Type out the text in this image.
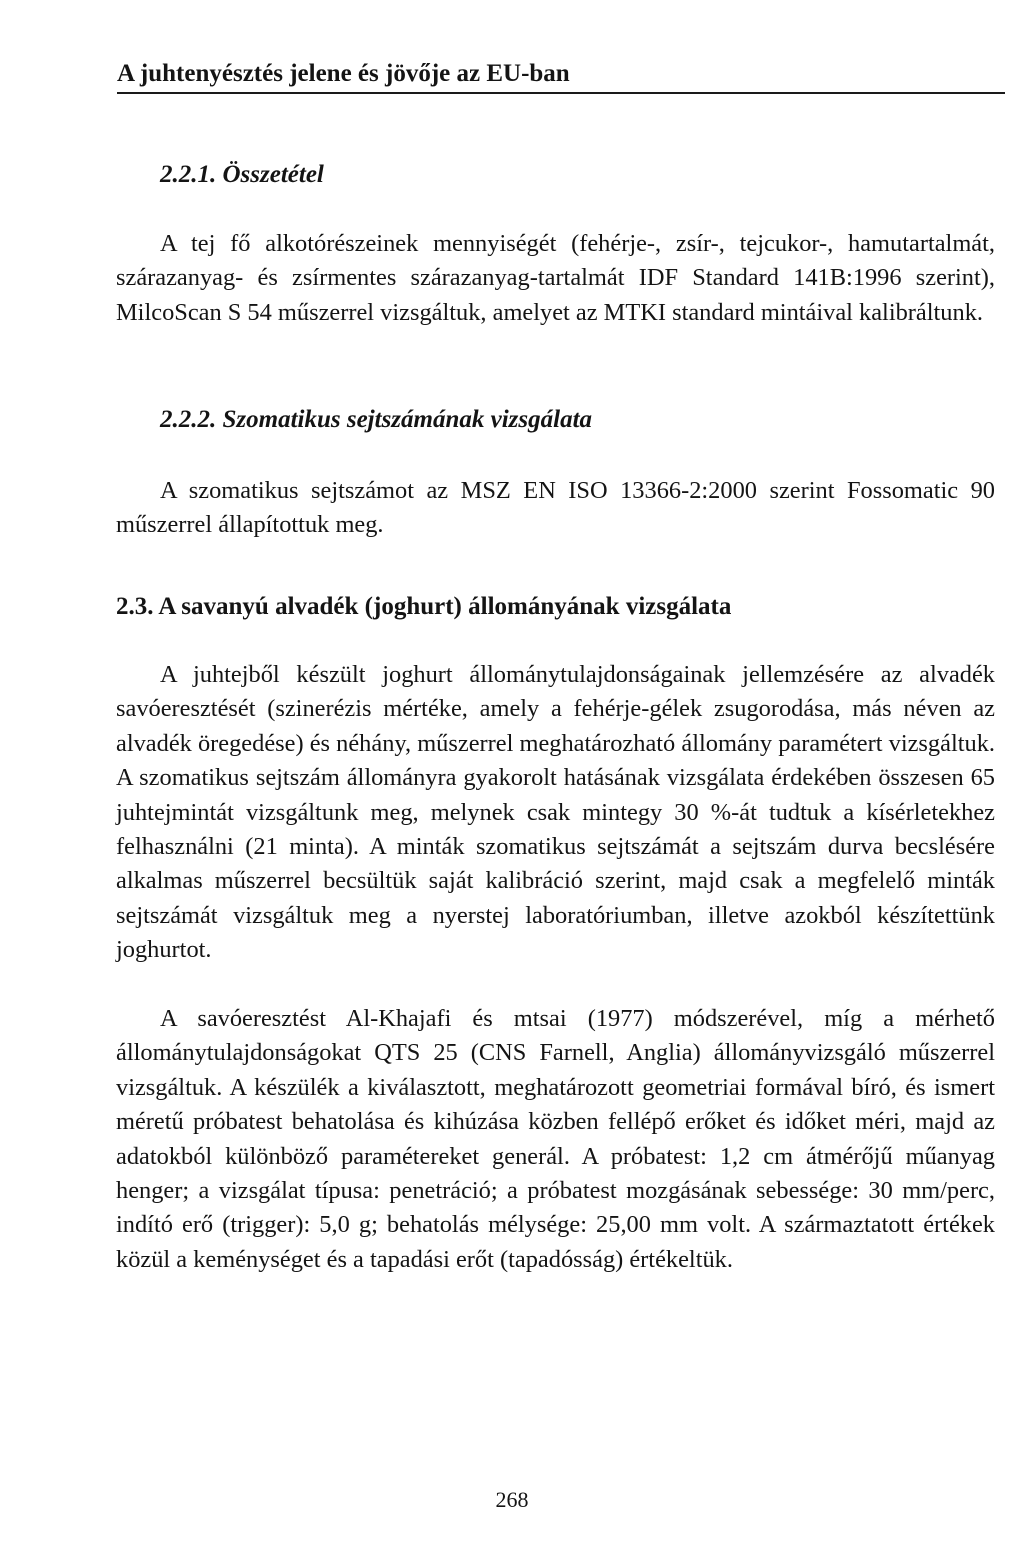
A juhtenyésztés jelene és jövője az EU-ban
2.2.1. Összetétel

A tej fő alkotórészeinek mennyiségét (fehérje-, zsír-, tejcukor-, hamutartalmát, szárazanyag- és zsírmentes szárazanyag-tartalmát IDF Standard 141B:1996 szerint), MilcoScan S 54 műszerrel vizsgáltuk, amelyet az MTKI standard mintáival kalibráltunk.

2.2.2. Szomatikus sejtszámának vizsgálata

A szomatikus sejtszámot az MSZ EN ISO 13366-2:2000 szerint Fossomatic 90 műszerrel állapítottuk meg.

2.3. A savanyú alvadék (joghurt) állományának vizsgálata

A juhtejből készült joghurt állománytulajdonságainak jellemzésére az alvadék savóeresztését (szinerézis mértéke, amely a fehérje-gélek zsugorodása, más néven az alvadék öregedése) és néhány, műszerrel meghatározható állomány paramétert vizsgáltuk. A szomatikus sejtszám állományra gyakorolt hatásának vizsgálata érdekében összesen 65 juhtejmintát vizsgáltunk meg, melynek csak mintegy 30 %-át tudtuk a kísérletekhez felhasználni (21 minta). A minták szomatikus sejtszámát a sejtszám durva becslésére alkalmas műszerrel becsültük saját kalibráció szerint, majd csak a megfelelő minták sejtszámát vizsgáltuk meg a nyerstej laboratóriumban, illetve azokból készítettünk joghurtot.

A savóeresztést Al-Khajafi és mtsai (1977) módszerével, míg a mérhető állománytulajdonságokat QTS 25 (CNS Farnell, Anglia) állományvizsgáló műszerrel vizsgáltuk. A készülék a kiválasztott, meghatározott geometriai formával bíró, és ismert méretű próbatest behatolása és kihúzása közben fellépő erőket és időket méri, majd az adatokból különböző paramétereket generál. A próbatest: 1,2 cm átmérőjű műanyag henger; a vizsgálat típusa: penetráció; a próbatest mozgásának sebessége: 30 mm/perc, indító erő (trigger): 5,0 g; behatolás mélysége: 25,00 mm volt. A származtatott értékek közül a keménységet és a tapadási erőt (tapadósság) értékeltük.

268
